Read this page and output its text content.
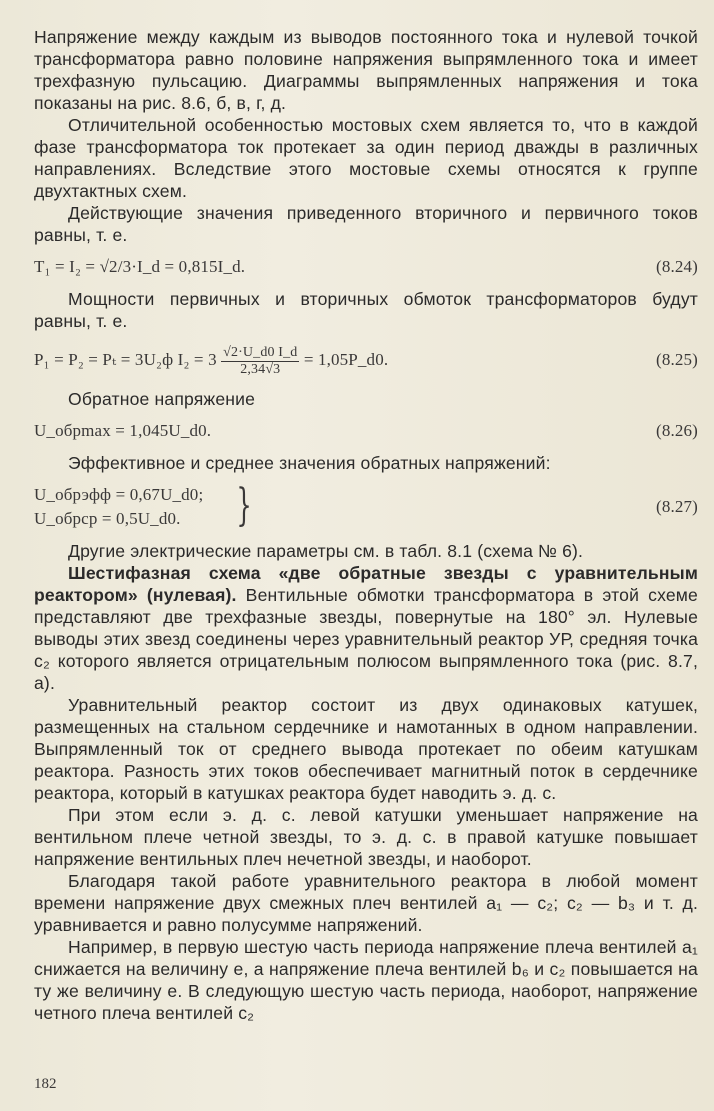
Напряжение между каждым из выводов постоянного тока и нулевой точкой трансформатора равно половине напряжения выпрямленного тока и имеет трехфазную пульсацию. Диаграммы выпрямленных напряжения и тока показаны на рис. 8.6, б, в, г, д.

Отличительной особенностью мостовых схем является то, что в каждой фазе трансформатора ток протекает за один период дважды в различных направлениях. Вследствие этого мостовые схемы относятся к группе двухтактных схем.

Действующие значения приведенного вторичного и первичного токов равны, т. е.

T₁ = I₂ = √2/3·I_d = 0,815I_d.	(8.24)

Мощности первичных и вторичных обмоток трансформаторов будут равны, т. е.

P₁ = P₂ = Pₜ = 3U₂ф $I_2 = 3 \frac{√2\cdot U\_d0 I\_d}{2,34√3}$ = 1,05P_d0.	(8.25)

Обратное напряжение

U_обрmax = 1,045U_d0.	(8.26)

Эффективное и среднее значения обратных напряжений:

U_обрэфф = 0,67U_d0;
U_обрср = 0,5U_d0. }	(8.27)

Другие электрические параметры см. в табл. 8.1 (схема № 6).

Шестифазная схема «две обратные звезды с уравнительным реактором» (нулевая). Вентильные обмотки трансформатора в этой схеме представляют две трехфазные звезды, повернутые на 180° эл. Нулевые выводы этих звезд соединены через уравнительный реактор УР, средняя точка c₂ которого является отрицательным полюсом выпрямленного тока (рис. 8.7, а).

Уравнительный реактор состоит из двух одинаковых катушек, размещенных на стальном сердечнике и намотанных в одном направлении. Выпрямленный ток от среднего вывода протекает по обеим катушкам реактора. Разность этих токов обеспечивает магнитный поток в сердечнике реактора, который в катушках реактора будет наводить э. д. с.

При этом если э. д. с. левой катушки уменьшает напряжение на вентильном плече четной звезды, то э. д. с. в правой катушке повышает напряжение вентильных плеч нечетной звезды, и наоборот.

Благодаря такой работе уравнительного реактора в любой момент времени напряжение двух смежных плеч вентилей a₁ — c₂; c₂ — b₃ и т. д. уравнивается и равно полусумме напряжений.

Например, в первую шестую часть периода напряжение плеча вентилей a₁ снижается на величину e, а напряжение плеча вентилей b₆ и c₂ повышается на ту же величину e. В следующую шестую часть периода, наоборот, напряжение четного плеча вентилей c₂

182
